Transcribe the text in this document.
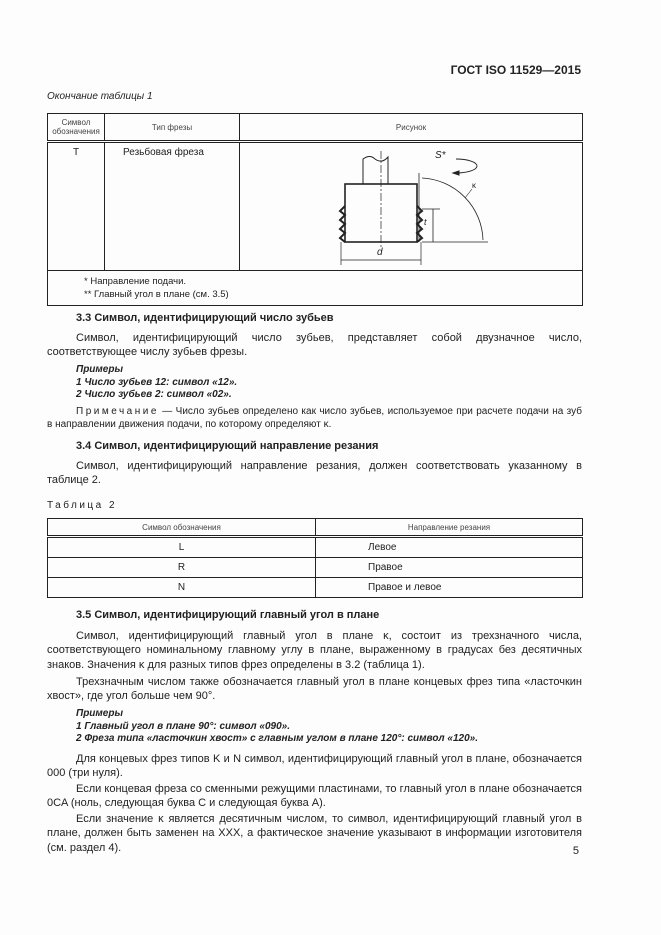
ГОСТ ISO 11529—2015
Окончание таблицы 1
Символ обозначения	Тип фрезы	Рисунок
T	Резьбовая фреза	S*
κ
t
d

* Направление подачи.
** Главный угол в плане (см. 3.5)		
3.3 Символ, идентифицирующий число зубьев
Символ, идентифицирующий число зубьев, представляет собой двузначное число, соответствующее числу зубьев фрезы.
Примеры
1 Число зубьев 12: символ «12».
2 Число зубьев 2: символ «02».
Примечание — Число зубьев определено как число зубьев, используемое при расчете подачи на зуб в направлении движения подачи, по которому определяют κ.
3.4 Символ, идентифицирующий направление резания
Символ, идентифицирующий направление резания, должен соответствовать указанному в таблице 2.
Таблица 2
Символ обозначения	Направление резания
L	Левое
R	Правое
N	Правое и левое
3.5 Символ, идентифицирующий главный угол в плане
Символ, идентифицирующий главный угол в плане κ, состоит из трехзначного числа, соответствующего номинальному главному углу в плане, выраженному в градусах без десятичных знаков. Значения κ для разных типов фрез определены в 3.2 (таблица 1).
Трехзначным числом также обозначается главный угол в плане концевых фрез типа «ласточкин хвост», где угол больше чем 90°.
Примеры
1 Главный угол в плане 90°: символ «090».
2 Фреза типа «ласточкин хвост» с главным углом в плане 120°: символ «120».
Для концевых фрез типов K и N символ, идентифицирующий главный угол в плане, обозначается 000 (три нуля).
Если концевая фреза со сменными режущими пластинами, то главный угол в плане обозначается 0CA (ноль, следующая буква C и следующая буква A).
Если значение κ является десятичным числом, то символ, идентифицирующий главный угол в плане, должен быть заменен на XXX, а фактическое значение указывают в информации изготовителя (см. раздел 4).	5
